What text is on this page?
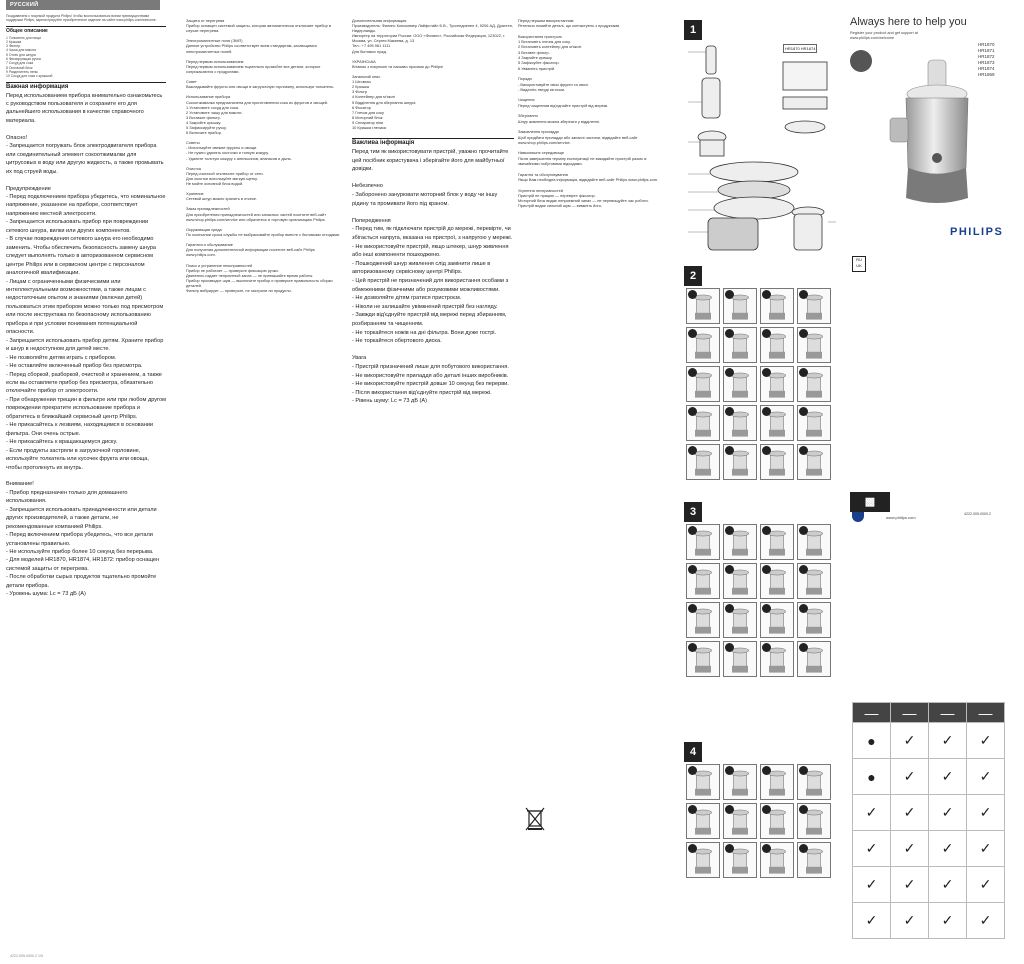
РУССКИЙ
Поздравляем с покупкой продукта Philips! Чтобы воспользоваться всеми преимуществами поддержки Philips, зарегистрируйте приобретенное изделие на сайте www.philips.com/welcome.
Общее описание
1 Толкатель для пищи
2 Крышка
3 Фильтр
4 Чаша для мякоти
5 Отсек для шнура
6 Фиксирующая ручка
7 Сосуд для сока
8 Основной блок
9 Разделитель пены
10 Сосуд для сока с крышкой
Важная информация
Перед использованием прибора внимательно ознакомьтесь с руководством пользователя и сохраните его для дальнейшего использования в качестве справочного материала.

Опасно!
- Запрещается погружать блок электродвигателя прибора или соединительный элемент сокоотжималки для цитрусовых в воду или другую жидкость, а также промывать их под струей воды.

Предупреждение
- Перед подключением прибора убедитесь, что номинальное напряжение, указанное на приборе, соответствует напряжению местной электросети.
- Запрещается использовать прибор при повреждении сетевого шнура, вилки или других компонентов.
- В случае повреждения сетевого шнура его необходимо заменить. Чтобы обеспечить безопасность замену шнура следует выполнять только в авторизованном сервисном центре Philips или в сервисном центре с персоналом аналогичной квалификации.
- Лицам с ограниченными физическими или интеллектуальными возможностями, а также лицам с недостаточным опытом и знаниями (включая детей) пользоваться этим прибором можно только под присмотром или после инструктажа по безопасному использованию прибора и при условии понимания потенциальной опасности.
- Запрещается использовать прибор детям. Храните прибор и шнур в недоступном для детей месте.
- Не позволяйте детям играть с прибором.
- Не оставляйте включенный прибор без присмотра.
- Перед сборкой, разборкой, очисткой и хранением, а также если вы оставляете прибор без присмотра, обязательно отключайте прибор от электросети.
- При обнаружении трещин в фильтре или при любом другом повреждении прекратите использование прибора и обратитесь в ближайший сервисный центр Philips.
- Не прикасайтесь к лезвиям, находящимся в основании фильтра. Они очень острые.
- Не прикасайтесь к вращающемуся диску.
- Если продукты застряли в загрузочной горловине, используйте толкатель или кусочек фрукта или овоща, чтобы протолкнуть их внутрь.

Внимание!
- Прибор предназначен только для домашнего использования.
- Запрещается использовать принадлежности или детали других производителей, а также детали, не рекомендованные компанией Philips.
- Перед включением прибора убедитесь, что все детали установлены правильно.
- Не используйте прибор более 10 секунд без перерыва.
- Для моделей HR1870, HR1874, HR1872: прибор оснащен системой защиты от перегрева.
- После обработки сырых продуктов тщательно промойте детали прибора.
- Уровень шума: Lc = 73 дБ (A)
Защита от перегрева
Прибор оснащен системой защиты, которая автоматически отключает прибор в случае перегрева.

Электромагнитные поля (ЭМП)
Данное устройство Philips соответствует всем стандартам, касающимся электромагнитных полей.

Перед первым использованием
Перед первым использованием тщательно промойте все детали, которые соприкасаются с продуктами.

Совет
Выкладывайте фрукты или овощи в загрузочную горловину, используя толкатель.

Использование прибора
Сокоотжималка предназначена для приготовления сока из фруктов и овощей.
1 Установите сосуд для сока.
2 Установите чашу для мякоти.
3 Вставьте фильтр.
4 Закройте крышку.
5 Зафиксируйте ручку.
6 Включите прибор.

Советы
- Используйте свежие фрукты и овощи.
- Не нужно удалять косточки и тонкую кожуру.
- Удалите толстую кожуру с апельсинов, ананасов и дынь.

Очистка
Перед очисткой отключите прибор от сети.
Для очистки используйте мягкую щетку.
Не мойте основной блок водой.

Хранение
Сетевой шнур можно хранить в отсеке.

Заказ принадлежностей
Для приобретения принадлежностей или запасных частей посетите веб-сайт www.shop.philips.com/service или обратитесь в торговую организацию Philips.

Окружающая среда
По окончании срока службы не выбрасывайте прибор вместе с бытовыми отходами.

Гарантия и обслуживание
Для получения дополнительной информации посетите веб-сайт Philips www.philips.com.

Поиск и устранение неисправностей
Прибор не работает — проверьте фиксацию ручки.
Двигатель издает неприятный запах — не превышайте время работы.
Прибор производит шум — выключите прибор и проверьте правильность сборки деталей.
Фильтр вибрирует — проверьте, не застряли ли продукты.
Дополнительная информация
Производитель: Филипс Консьюмер Лайфстайл Б.В., Туссендиепен 4, 9206 АД, Драхтен, Нидерланды.
Импортер на территории России: ООО «Филипс», Российская Федерация, 123022, г. Москва, ул. Сергея Макеева, д. 13
Тел.: +7 495 961 1111
Для бытовых нужд.

УКРАЇНСЬКА
Вітаємо з покупкою та ласкаво просимо до Philips!

Загальний опис
1 Штовхач
2 Кришка
3 Фільтр
4 Контейнер для м'якоті
5 Відділення для зберігання шнура
6 Фіксатор
7 Глечик для соку
8 Моторний блок
9 Сепаратор піни
10 Кришка глечика
Важлива інформація
Перед тим як використовувати пристрій, уважно прочитайте цей посібник користувача і зберігайте його для майбутньої довідки.

Небезпечно
- Заборонено занурювати моторний блок у воду чи іншу рідину та промивати його під краном.

Попередження
- Перед тим, як підключати пристрій до мережі, перевірте, чи збігається напруга, вказана на пристрої, з напругою у мережі.
- Не використовуйте пристрій, якщо штекер, шнур живлення або інші компоненти пошкоджено.
- Пошкоджений шнур живлення слід замінити лише в авторизованому сервісному центрі Philips.
- Цей пристрій не призначений для використання особами з обмеженими фізичними або розумовими можливостями.
- Не дозволяйте дітям гратися пристроєм.
- Ніколи не залишайте увімкнений пристрій без нагляду.
- Завжди від'єднуйте пристрій від мережі перед збиранням, розбиранням та чищенням.
- Не торкайтеся ножів на дні фільтра. Вони дуже гострі.
- Не торкайтеся обертового диска.

Увага
- Пристрій призначений лише для побутового використання.
- Не використовуйте приладдя або деталі інших виробників.
- Не використовуйте пристрій довше 10 секунд без перерви.
- Після використання від'єднуйте пристрій від мережі.
- Рівень шуму: Lc = 73 дБ (A)
Перед першим використанням
Ретельно помийте деталі, що контактують з продуктами.

Використання пристрою
1 Встановіть глечик для соку.
2 Встановіть контейнер для м'якоті.
3 Вставте фільтр.
4 Закрийте кришку.
5 Зафіксуйте фіксатор.
6 Увімкніть пристрій.

Поради
- Використовуйте свіжі фрукти та овочі.
- Видаліть тверді кісточки.

Чищення
Перед чищенням від'єднайте пристрій від мережі.

Зберігання
Шнур живлення можна зберігати у відділенні.

Замовлення приладдя
Щоб придбати приладдя або запасні частини, відвідайте веб-сайт www.shop.philips.com/service.

Навколишнє середовище
Після завершення терміну експлуатації не викидайте пристрій разом зі звичайними побутовими відходами.

Гарантія та обслуговування
Якщо Вам необхідна інформація, відвідайте веб-сайт Philips www.philips.com.

Усунення несправностей
Пристрій не працює — перевірте фіксатор.
Моторний блок видає неприємний запах — не перевищуйте час роботи.
Пристрій видає сильний шум — вимкніть його.
1
HR1870 HR1874
2
3
4
Always here to help you
Register your product and get support at
www.philips.com/welcome
HR1870
HR1871
HR1872
HR1873
HR1874
HR1869
PHILIPS
RU UK
www.philips.com
4222.005.0000.2
▩
—	—	—	—
●	✓	✓	✓
●	✓	✓	✓
✓	✓	✓	✓
✓	✓	✓	✓
✓	✓	✓	✓
✓	✓	✓	✓
4222.005.0000.2 1/5
